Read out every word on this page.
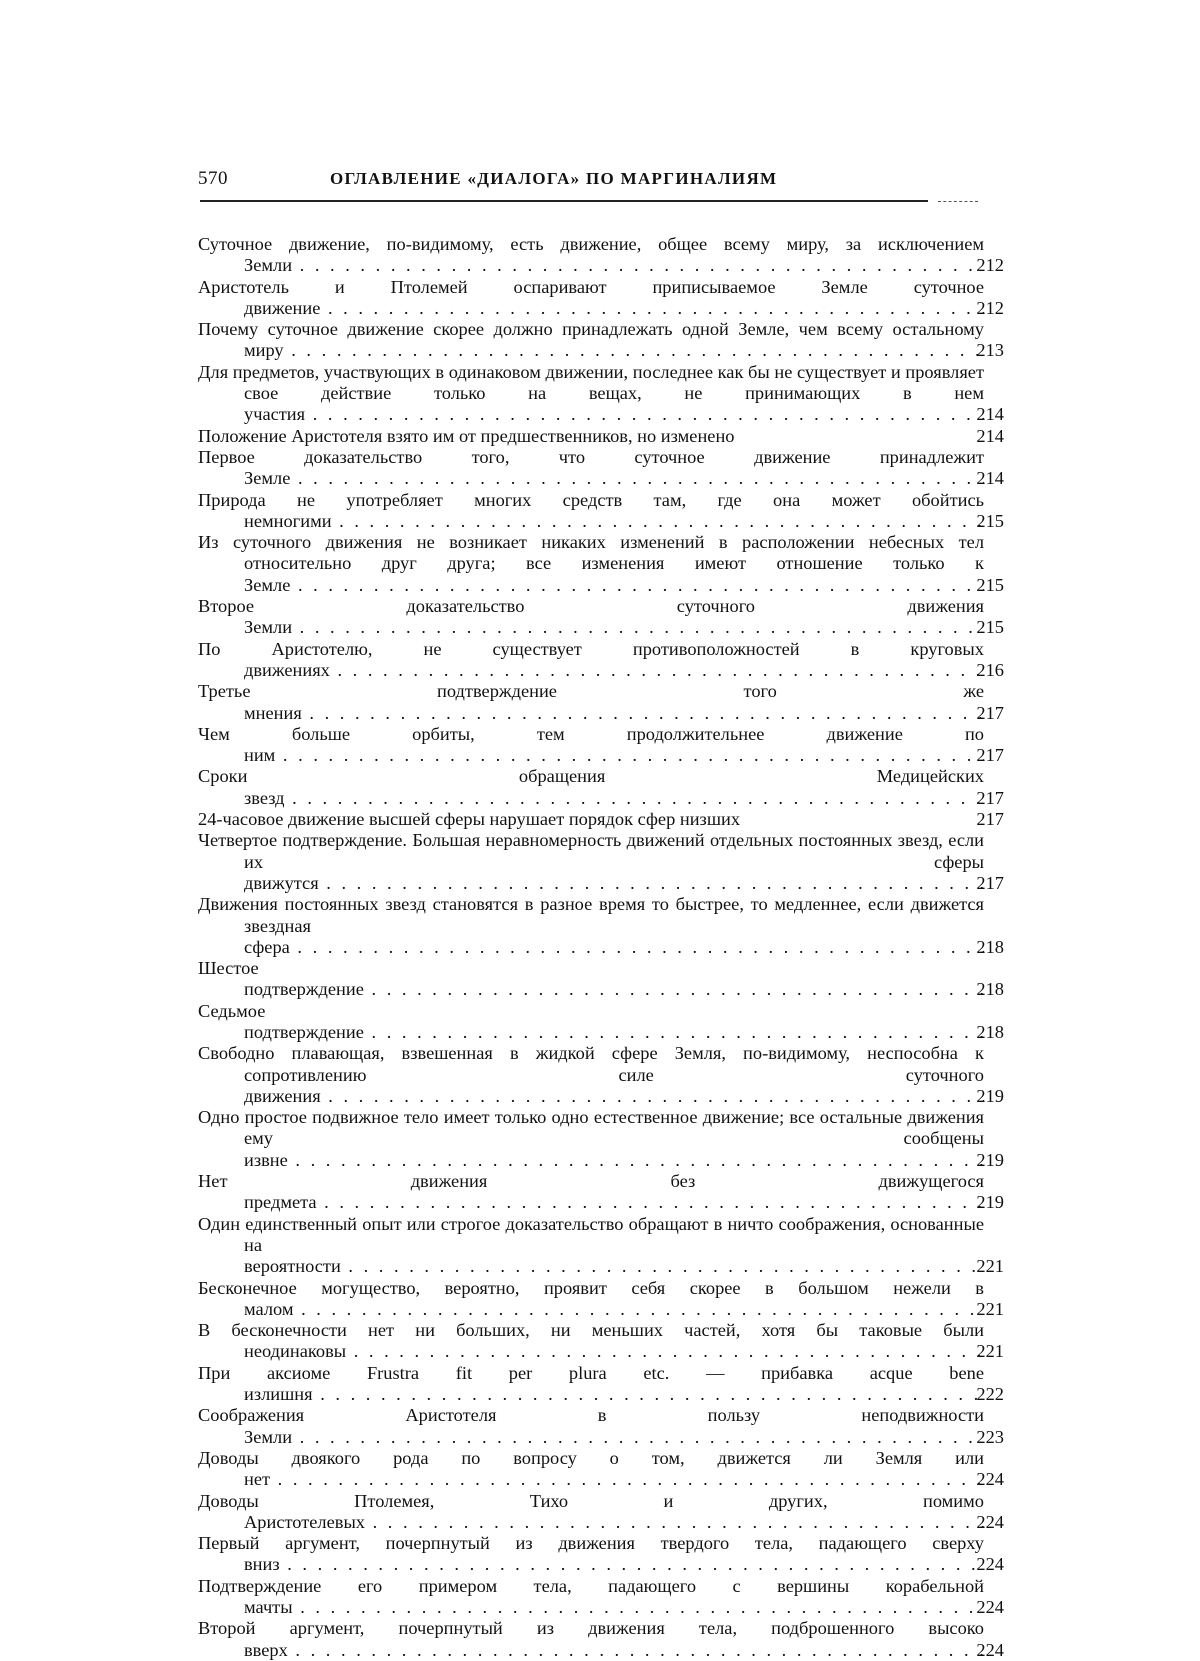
570	ОГЛАВЛЕНИЕ «ДИАЛОГА» ПО МАРГИНАЛИЯМ
Суточное движение, по-видимому, есть движение, общее всему миру, за исключением Земли . . .	212
Аристотель и Птолемей оспаривают приписываемое Земле суточное движение . . .	212
Почему суточное движение скорее должно принадлежать одной Земле, чем всему остальному миру . . .	213
Для предметов, участвующих в одинаковом движении, последнее как бы не существует и проявляет свое действие только на вещах, не принимающих в нем участия . . .	214
Положение Аристотеля взято им от предшественников, но изменено	214
Первое доказательство того, что суточное движение принадлежит Земле . . .	214
Природа не употребляет многих средств там, где она может обойтись немногими . . .	215
Из суточного движения не возникает никаких изменений в расположении небесных тел относительно друг друга; все изменения имеют отношение только к Земле . . .	215
Второе доказательство суточного движения Земли . . .	215
По Аристотелю, не существует противоположностей в круговых движениях . . .	216
Третье подтверждение того же мнения . . .	217
Чем больше орбиты, тем продолжительнее движение по ним . . .	217
Сроки обращения Медицейских звезд . . .	217
24-часовое движение высшей сферы нарушает порядок сфер низших	217
Четвертое подтверждение. Большая неравномерность движений отдельных постоянных звезд, если их сферы движутся . . .	217
Движения постоянных звезд становятся в разное время то быстрее, то медленнее, если движется звездная сфера . . .	218
Шестое подтверждение . . .	218
Седьмое подтверждение . . .	218
Свободно плавающая, взвешенная в жидкой сфере Земля, по-видимому, неспособна к сопротивлению силе суточного движения . . .	219
Одно простое подвижное тело имеет только одно естественное движение; все остальные движения ему сообщены извне . . .	219
Нет движения без движущегося предмета . . .	219
Один единственный опыт или строгое доказательство обращают в ничто соображения, основанные на вероятности . . .	221
Бесконечное могущество, вероятно, проявит себя скорее в большом нежели в малом . . .	221
В бесконечности нет ни больших, ни меньших частей, хотя бы таковые были неодинаковы . . .	221
При аксиоме Frustra fit per plura etc. — прибавка acque bene излишня . . .	222
Соображения Аристотеля в пользу неподвижности Земли . . .	223
Доводы двоякого рода по вопросу о том, движется ли Земля или нет . . .	224
Доводы Птолемея, Тихо и других, помимо Аристотелевых . . .	224
Первый аргумент, почерпнутый из движения твердого тела, падающего сверху вниз . . .	224
Подтверждение его примером тела, падающего с вершины корабельной мачты . . .	224
Второй аргумент, почерпнутый из движения тела, подброшенного высоко вверх . . .	224
